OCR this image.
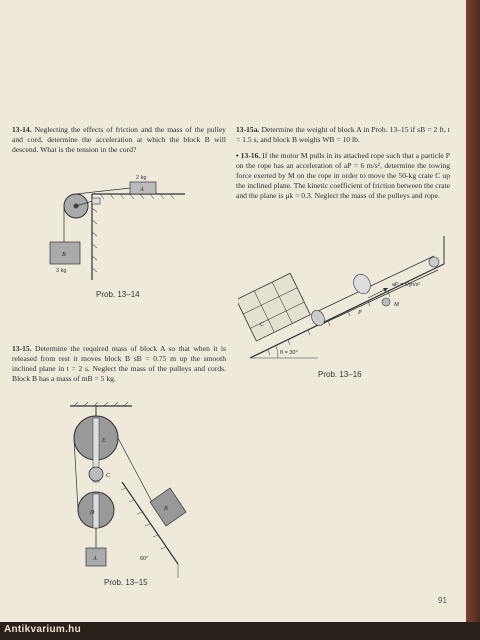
13-14. Neglecting the effects of friction and the mass of the pulley and cord, determine the acceleration at which the block B will descend. What is the tension in the cord?
A
2 kg
B
3 kg
Prob. 13–14
13-15. Determine the required mass of block A so that when it is released from rest it moves block B sB = 0.75 m up the smooth inclined plane in t = 2 s. Neglect the mass of the pulleys and cords. Block B has a mass of mB = 5 kg.
E
C
D
A
B
60°
Prob. 13–15
13-15a. Determine the weight of block A in Prob. 13–15 if sB = 2 ft, t = 1.5 s, and block B weighs WB = 10 lb.
• 13-16. If the motor M pulls in its attached rope such that a particle P on the rope has an acceleration of aP = 6 m/s², determine the towing force exerted by M on the rope in order to move the 50-kg crate C up the inclined plane. The kinetic coefficient of friction between the crate and the plane is μk = 0.3. Neglect the mass of the pulleys and rope.
C
aP = 6 m/s²
P
M
θ = 30°
Prob. 13–16
91
Antikvarium.hu
